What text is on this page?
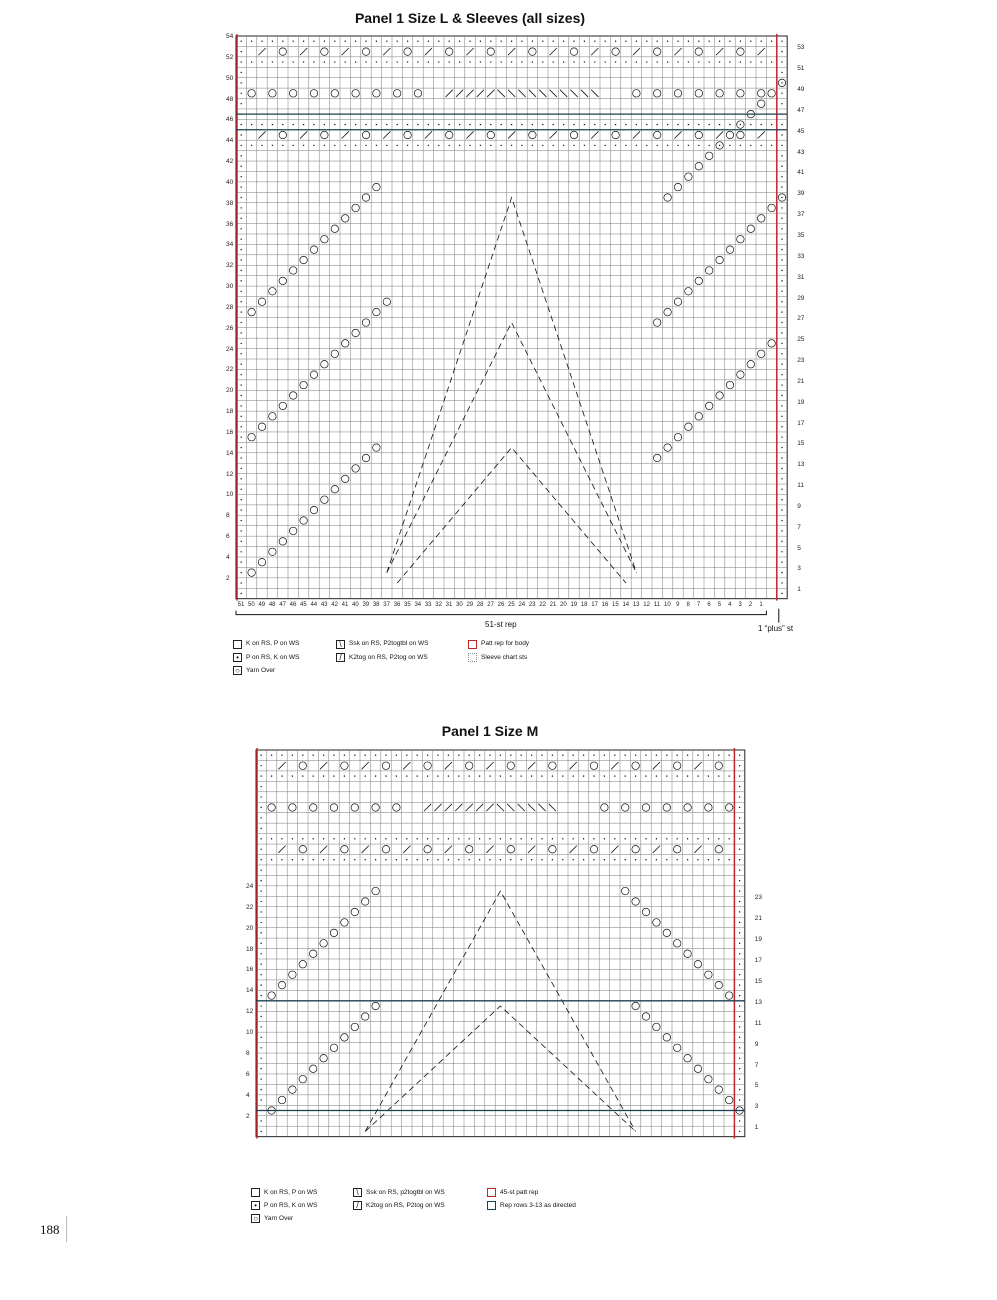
Panel 1 Size L & Sleeves (all sizes)
54
52
50
48
46
44
42
40
38
36
34
32
30
28
26
24
22
20
18
16
14
12
10
8
6
4
2
53
51
49
47
45
43
41
39
37
35
33
31
29
27
25
23
21
19
17
15
13
11
9
7
5
3
1
51 50 49 48 47 46 45 44 43 42 41 40 39 38 37 36 35 34 33 32 31 30 29 28 27 26 25 24 23 22 21 20 19 18 17 16 15 14 13 12 11 10 9	8	7	6	5	4	3	2	1
51-st rep	1 “plus” st
K on RS, P on WS
•	P on RS, K on WS
○ Yarn Over
\	Ssk on RS, P2togtbl on WS
/	K2tog on RS, P2tog on WS
Patt rep for body
Sleeve chart sts
Panel 1 Size M
24
22
20
18
16
14
12
10
8
6
4
2
23
21
19
17
15
13
11
9
7
5
3
1
K on RS, P on WS
•	P on RS, K on WS
○ Yarn Over
\	Ssk on RS, p2togtbl on WS
/	K2tog on RS, P2tog on WS
45-st patt rep
Rep rows 3-13 as directed
188
